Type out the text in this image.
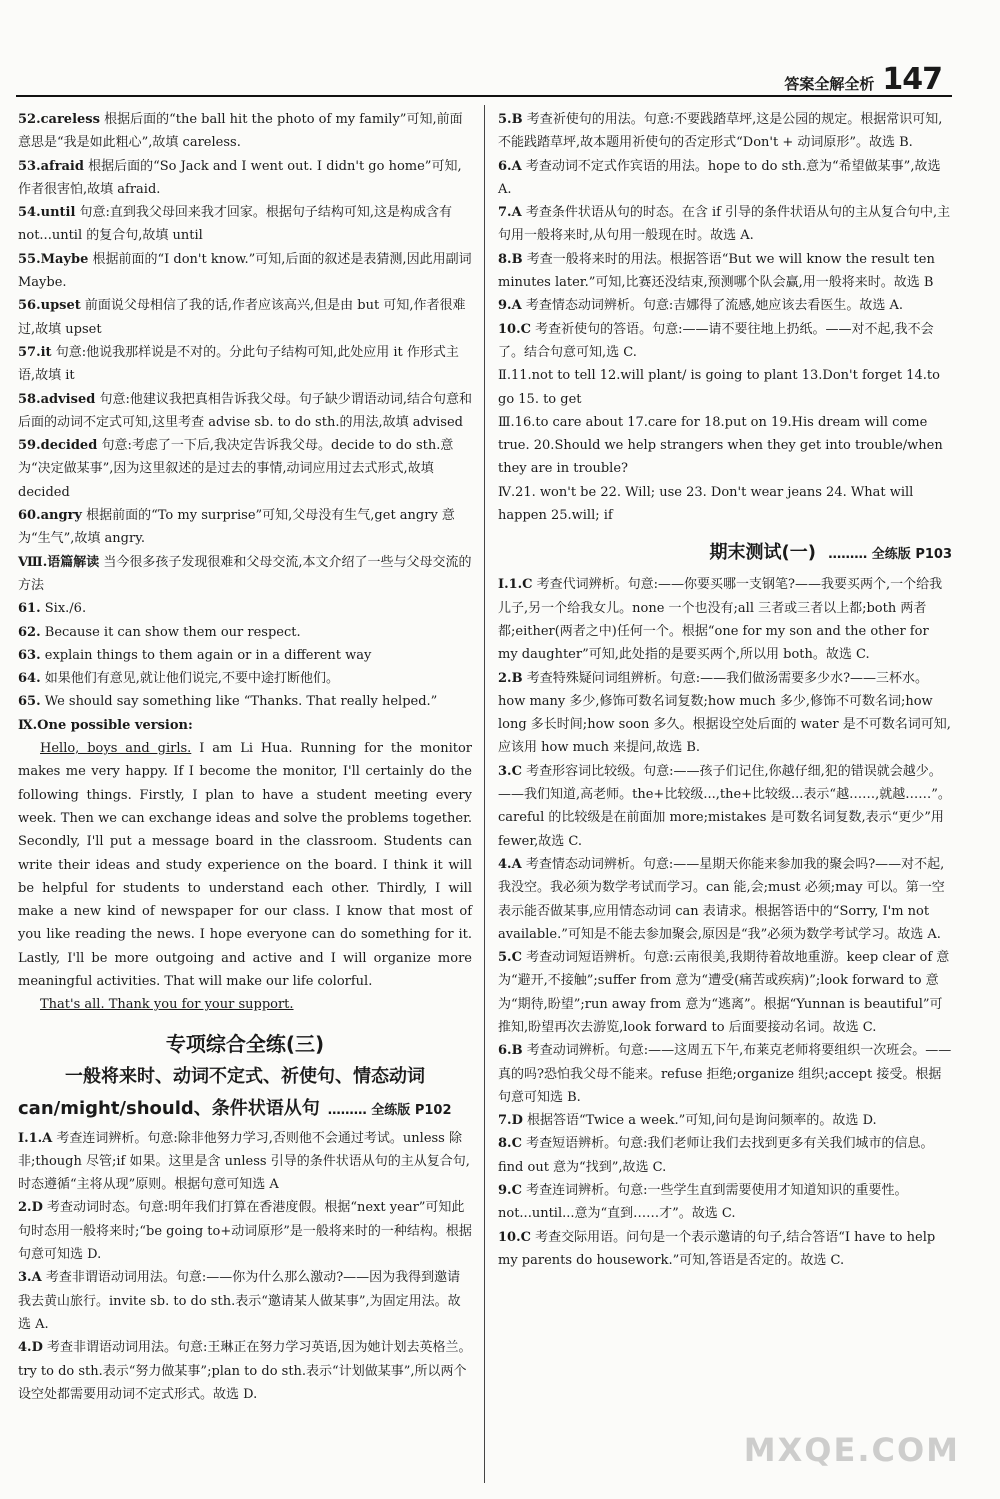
答案全解全析 147
52.careless 根据后面的“the ball hit the photo of my family”可知,前面意思是“我是如此粗心”,故填 careless.
53.afraid 根据后面的“So Jack and I went out. I didn't go home”可知,作者很害怕,故填 afraid.
54.until 句意:直到我父母回来我才回家。根据句子结构可知,这是构成含有 not...until 的复合句,故填 until
55.Maybe 根据前面的“I don't know.”可知,后面的叙述是表猜测,因此用副词 Maybe.
56.upset 前面说父母相信了我的话,作者应该高兴,但是由 but 可知,作者很难过,故填 upset
57.it 句意:他说我那样说是不对的。分此句子结构可知,此处应用 it 作形式主语,故填 it
58.advised 句意:他建议我把真相告诉我父母。句子缺少谓语动词,结合句意和后面的动词不定式可知,这里考查 advise sb. to do sth.的用法,故填 advised
59.decided 句意:考虑了一下后,我决定告诉我父母。decide to do sth.意为“决定做某事”,因为这里叙述的是过去的事情,动词应用过去式形式,故填 decided
60.angry 根据前面的“To my surprise”可知,父母没有生气,get angry 意为“生气”,故填 angry.
Ⅷ.语篇解读 当今很多孩子发现很难和父母交流,本文介绍了一些与父母交流的方法
61. Six./6.
62. Because it can show them our respect.
63. explain things to them again or in a different way
64. 如果他们有意见,就让他们说完,不要中途打断他们。
65. We should say something like “Thanks. That really helped.”
Ⅸ.One possible version:
Hello, boys and girls. I am Li Hua. Running for the monitor makes me very happy. If I become the monitor, I'll certainly do the following things. Firstly, I plan to have a student meeting every week. Then we can exchange ideas and solve the problems together. Secondly, I'll put a message board in the classroom. Students can write their ideas and study experience on the board. I think it will be helpful for students to understand each other. Thirdly, I will make a new kind of newspaper for our class. I know that most of you like reading the news. I hope everyone can do something for it. Lastly, I'll be more outgoing and active and I will organize more meaningful activities. That will make our life colorful.
That's all. Thank you for your support.
专项综合全练(三)
一般将来时、动词不定式、祈使句、情态动词
can/might/should、条件状语从句 ……… 全练版 P102
Ⅰ.1.A 考查连词辨析。句意:除非他努力学习,否则他不会通过考试。unless 除非;though 尽管;if 如果。这里是含 unless 引导的条件状语从句的主从复合句,时态遵循“主将从现”原则。根据句意可知选 A
2.D 考查动词时态。句意:明年我们打算在香港度假。根据“next year”可知此句时态用一般将来时;“be going to+动词原形”是一般将来时的一种结构。根据句意可知选 D.
3.A 考查非谓语动词用法。句意:——你为什么那么激动?——因为我得到邀请我去黄山旅行。invite sb. to do sth.表示“邀请某人做某事”,为固定用法。故选 A.
4.D 考查非谓语动词用法。句意:王琳正在努力学习英语,因为她计划去英格兰。try to do sth.表示“努力做某事”;plan to do sth.表示“计划做某事”,所以两个设空处都需要用动词不定式形式。故选 D.
5.B 考查祈使句的用法。句意:不要践踏草坪,这是公园的规定。根据常识可知,不能践踏草坪,故本题用祈使句的否定形式“Don't + 动词原形”。故选 B.
6.A 考查动词不定式作宾语的用法。hope to do sth.意为“希望做某事”,故选 A.
7.A 考查条件状语从句的时态。在含 if 引导的条件状语从句的主从复合句中,主句用一般将来时,从句用一般现在时。故选 A.
8.B 考查一般将来时的用法。根据答语“But we will know the result ten minutes later.”可知,比赛还没结束,预测哪个队会赢,用一般将来时。故选 B
9.A 考查情态动词辨析。句意:吉娜得了流感,她应该去看医生。故选 A.
10.C 考查祈使句的答语。句意:——请不要往地上扔纸。——对不起,我不会了。结合句意可知,选 C.
Ⅱ.11.not to tell 12.will plant/ is going to plant 13.Don't forget 14.to go 15. to get
Ⅲ.16.to care about 17.care for 18.put on 19.His dream will come true. 20.Should we help strangers when they get into trouble/when they are in trouble?
Ⅳ.21. won't be 22. Will; use 23. Don't wear jeans 24. What will happen 25.will; if
期末测试(一) ……… 全练版 P103
Ⅰ.1.C 考查代词辨析。句意:——你要买哪一支钢笔?——我要买两个,一个给我儿子,另一个给我女儿。none 一个也没有;all 三者或三者以上都;both 两者都;either(两者之中)任何一个。根据“one for my son and the other for my daughter”可知,此处指的是要买两个,所以用 both。故选 C.
2.B 考查特殊疑问词组辨析。句意:——我们做汤需要多少水?——三杯水。how many 多少,修饰可数名词复数;how much 多少,修饰不可数名词;how long 多长时间;how soon 多久。根据设空处后面的 water 是不可数名词可知,应该用 how much 来提问,故选 B.
3.C 考查形容词比较级。句意:——孩子们记住,你越仔细,犯的错误就会越少。——我们知道,高老师。the+比较级...,the+比较级...表示“越……,就越……”。careful 的比较级是在前面加 more;mistakes 是可数名词复数,表示“更少”用 fewer,故选 C.
4.A 考查情态动词辨析。句意:——星期天你能来参加我的聚会吗?——对不起,我没空。我必须为数学考试而学习。can 能,会;must 必须;may 可以。第一空表示能否做某事,应用情态动词 can 表请求。根据答语中的“Sorry, I'm not available.”可知是不能去参加聚会,原因是“我”必须为数学考试学习。故选 A.
5.C 考查动词短语辨析。句意:云南很美,我期待着故地重游。keep clear of 意为“避开,不接触”;suffer from 意为“遭受(痛苦或疾病)”;look forward to 意为“期待,盼望”;run away from 意为“逃离”。根据“Yunnan is beautiful”可推知,盼望再次去游览,look forward to 后面要接动名词。故选 C.
6.B 考查动词辨析。句意:——这周五下午,布莱克老师将要组织一次班会。——真的吗?恐怕我父母不能来。refuse 拒绝;organize 组织;accept 接受。根据句意可知选 B.
7.D 根据答语“Twice a week.”可知,问句是询问频率的。故选 D.
8.C 考查短语辨析。句意:我们老师让我们去找到更多有关我们城市的信息。find out 意为“找到”,故选 C.
9.C 考查连词辨析。句意:一些学生直到需要使用才知道知识的重要性。not...until...意为“直到……才”。故选 C.
10.C 考查交际用语。问句是一个表示邀请的句子,结合答语“I have to help my parents do housework.”可知,答语是否定的。故选 C.
MXQE.COM
